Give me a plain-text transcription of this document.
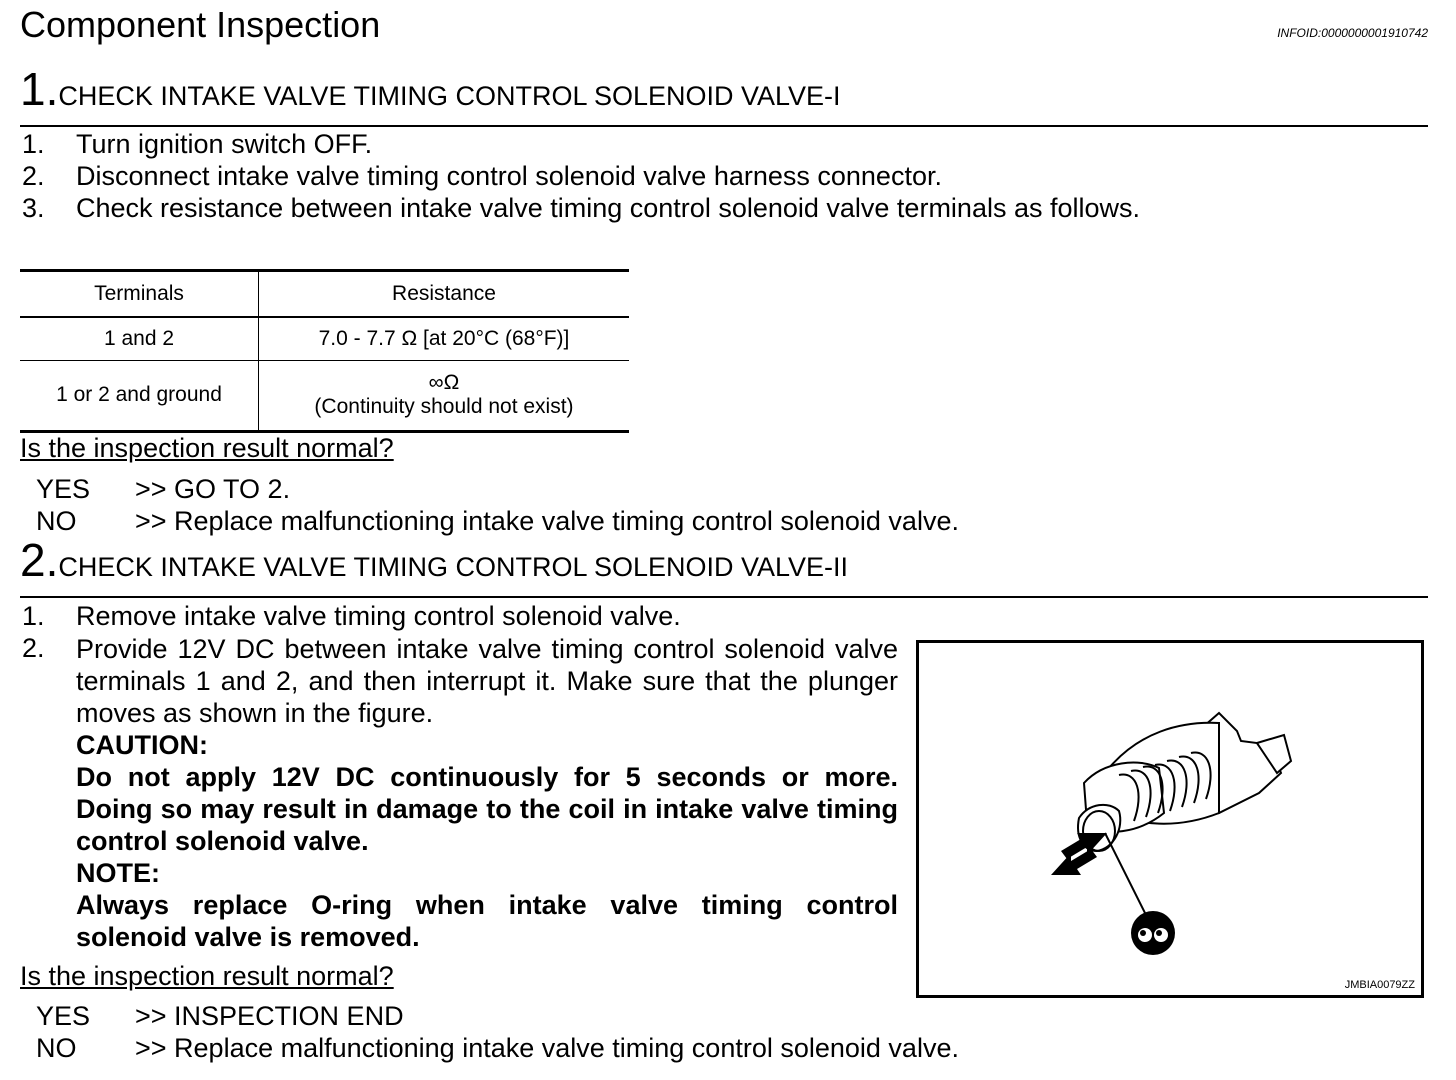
Component Inspection	INFOID:0000000001910742
1.CHECK INTAKE VALVE TIMING CONTROL SOLENOID VALVE-I
1. Turn ignition switch OFF.
2. Disconnect intake valve timing control solenoid valve harness connector.
3. Check resistance between intake valve timing control solenoid valve terminals as follows.
Terminals	Resistance
1 and 2	7.0 - 7.7 Ω [at 20°C (68°F)]
1 or 2 and ground	∞Ω
(Continuity should not exist)
Is the inspection result normal?
YES >> GO TO 2.
NO >> Replace malfunctioning intake valve timing control solenoid valve.
2.CHECK INTAKE VALVE TIMING CONTROL SOLENOID VALVE-II
1. Remove intake valve timing control solenoid valve.
2. Provide 12V DC between intake valve timing control solenoid valve terminals 1 and 2, and then interrupt it. Make sure that the plunger moves as shown in the figure.
CAUTION:
Do not apply 12V DC continuously for 5 seconds or more. Doing so may result in damage to the coil in intake valve timing control solenoid valve.
NOTE:
Always replace O-ring when intake valve timing control solenoid valve is removed.
JMBIA0079ZZ
Is the inspection result normal?
YES >> INSPECTION END
NO >> Replace malfunctioning intake valve timing control solenoid valve.
